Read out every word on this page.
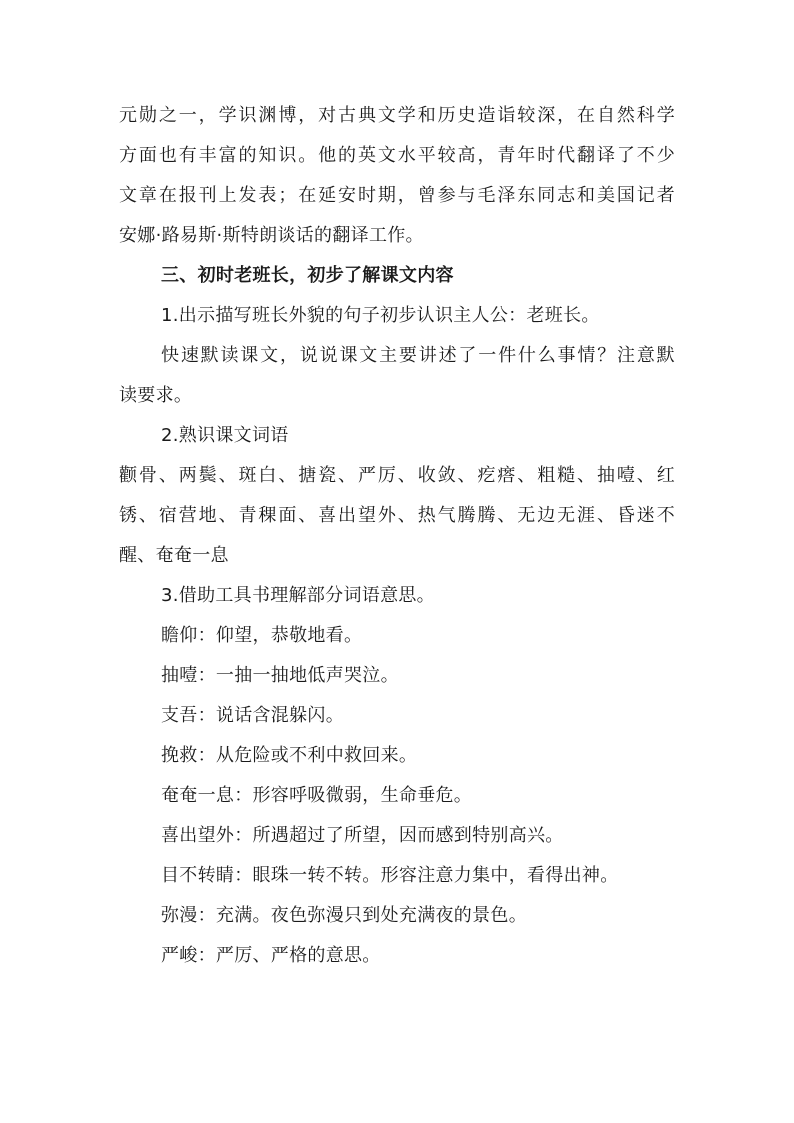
元勋之一，学识渊博，对古典文学和历史造诣较深，在自然科学
方面也有丰富的知识。他的英文水平较高，青年时代翻译了不少
文章在报刊上发表；在延安时期，曾参与毛泽东同志和美国记者
安娜·路易斯·斯特朗谈话的翻译工作。
三、初时老班长，初步了解课文内容
1.出示描写班长外貌的句子初步认识主人公：老班长。
快速默读课文，说说课文主要讲述了一件什么事情？注意默
读要求。
2.熟识课文词语
颧骨、两鬓、斑白、搪瓷、严厉、收敛、疙瘩、粗糙、抽噎、红
锈、宿营地、青稞面、喜出望外、热气腾腾、无边无涯、昏迷不
醒、奄奄一息
3.借助工具书理解部分词语意思。
瞻仰：仰望，恭敬地看。
抽噎：一抽一抽地低声哭泣。
支吾：说话含混躲闪。
挽救：从危险或不利中救回来。
奄奄一息：形容呼吸微弱，生命垂危。
喜出望外：所遇超过了所望，因而感到特别高兴。
目不转睛：眼珠一转不转。形容注意力集中，看得出神。
弥漫：充满。夜色弥漫只到处充满夜的景色。
严峻：严厉、严格的意思。
